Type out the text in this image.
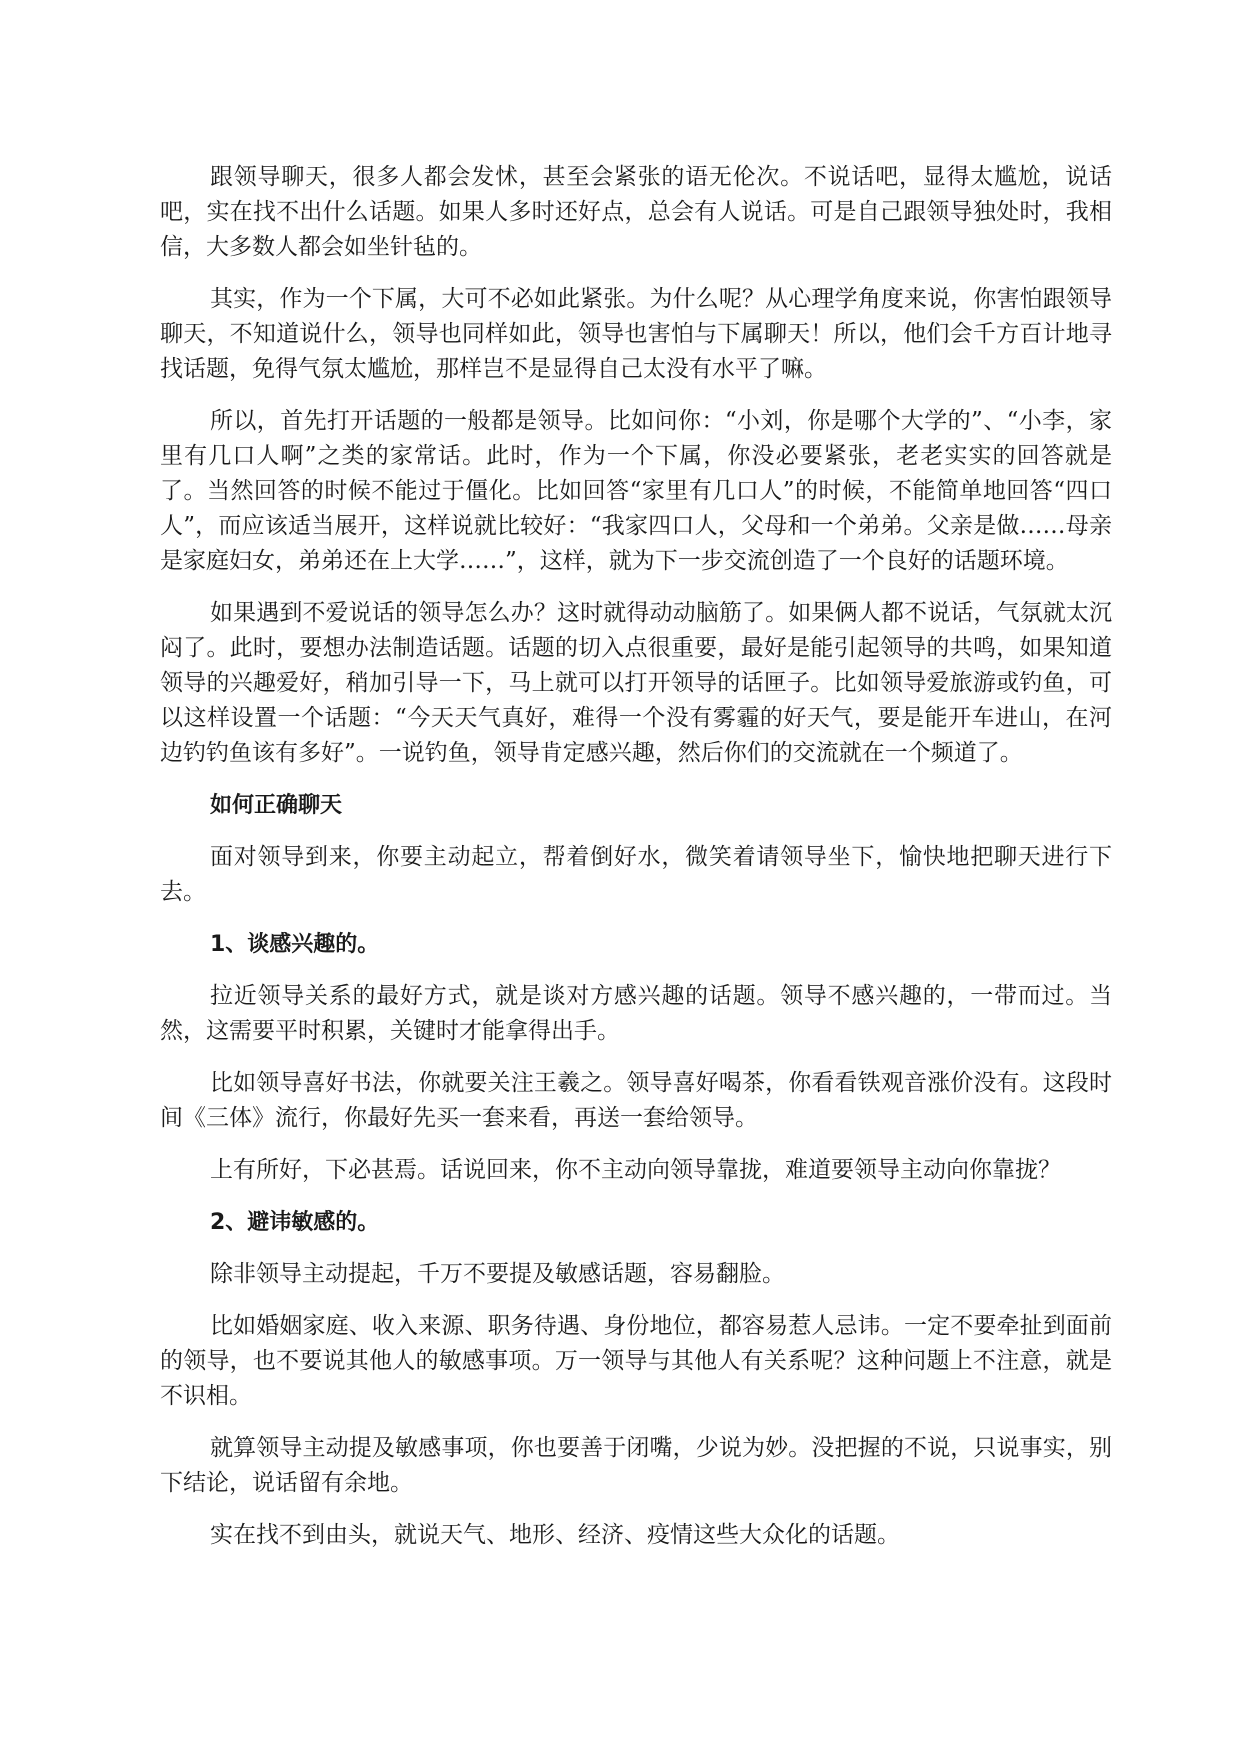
跟领导聊天，很多人都会发怵，甚至会紧张的语无伦次。不说话吧，显得太尴尬，说话吧，实在找不出什么话题。如果人多时还好点，总会有人说话。可是自己跟领导独处时，我相信，大多数人都会如坐针毡的。

其实，作为一个下属，大可不必如此紧张。为什么呢？从心理学角度来说，你害怕跟领导聊天，不知道说什么，领导也同样如此，领导也害怕与下属聊天！所以，他们会千方百计地寻找话题，免得气氛太尴尬，那样岂不是显得自己太没有水平了嘛。

所以，首先打开话题的一般都是领导。比如问你：“小刘，你是哪个大学的”、“小李，家里有几口人啊”之类的家常话。此时，作为一个下属，你没必要紧张，老老实实的回答就是了。当然回答的时候不能过于僵化。比如回答“家里有几口人”的时候，不能简单地回答“四口人”，而应该适当展开，这样说就比较好：“我家四口人，父母和一个弟弟。父亲是做……母亲是家庭妇女，弟弟还在上大学……”，这样，就为下一步交流创造了一个良好的话题环境。

如果遇到不爱说话的领导怎么办？这时就得动动脑筋了。如果俩人都不说话，气氛就太沉闷了。此时，要想办法制造话题。话题的切入点很重要，最好是能引起领导的共鸣，如果知道领导的兴趣爱好，稍加引导一下，马上就可以打开领导的话匣子。比如领导爱旅游或钓鱼，可以这样设置一个话题：“今天天气真好，难得一个没有雾霾的好天气，要是能开车进山，在河边钓钓鱼该有多好”。一说钓鱼，领导肯定感兴趣，然后你们的交流就在一个频道了。

如何正确聊天

面对领导到来，你要主动起立，帮着倒好水，微笑着请领导坐下，愉快地把聊天进行下去。

1、谈感兴趣的。

拉近领导关系的最好方式，就是谈对方感兴趣的话题。领导不感兴趣的，一带而过。当然，这需要平时积累，关键时才能拿得出手。

比如领导喜好书法，你就要关注王羲之。领导喜好喝茶，你看看铁观音涨价没有。这段时间《三体》流行，你最好先买一套来看，再送一套给领导。

上有所好，下必甚焉。话说回来，你不主动向领导靠拢，难道要领导主动向你靠拢？

2、避讳敏感的。

除非领导主动提起，千万不要提及敏感话题，容易翻脸。

比如婚姻家庭、收入来源、职务待遇、身份地位，都容易惹人忌讳。一定不要牵扯到面前的领导，也不要说其他人的敏感事项。万一领导与其他人有关系呢？这种问题上不注意，就是不识相。

就算领导主动提及敏感事项，你也要善于闭嘴，少说为妙。没把握的不说，只说事实，别下结论，说话留有余地。

实在找不到由头，就说天气、地形、经济、疫情这些大众化的话题。
